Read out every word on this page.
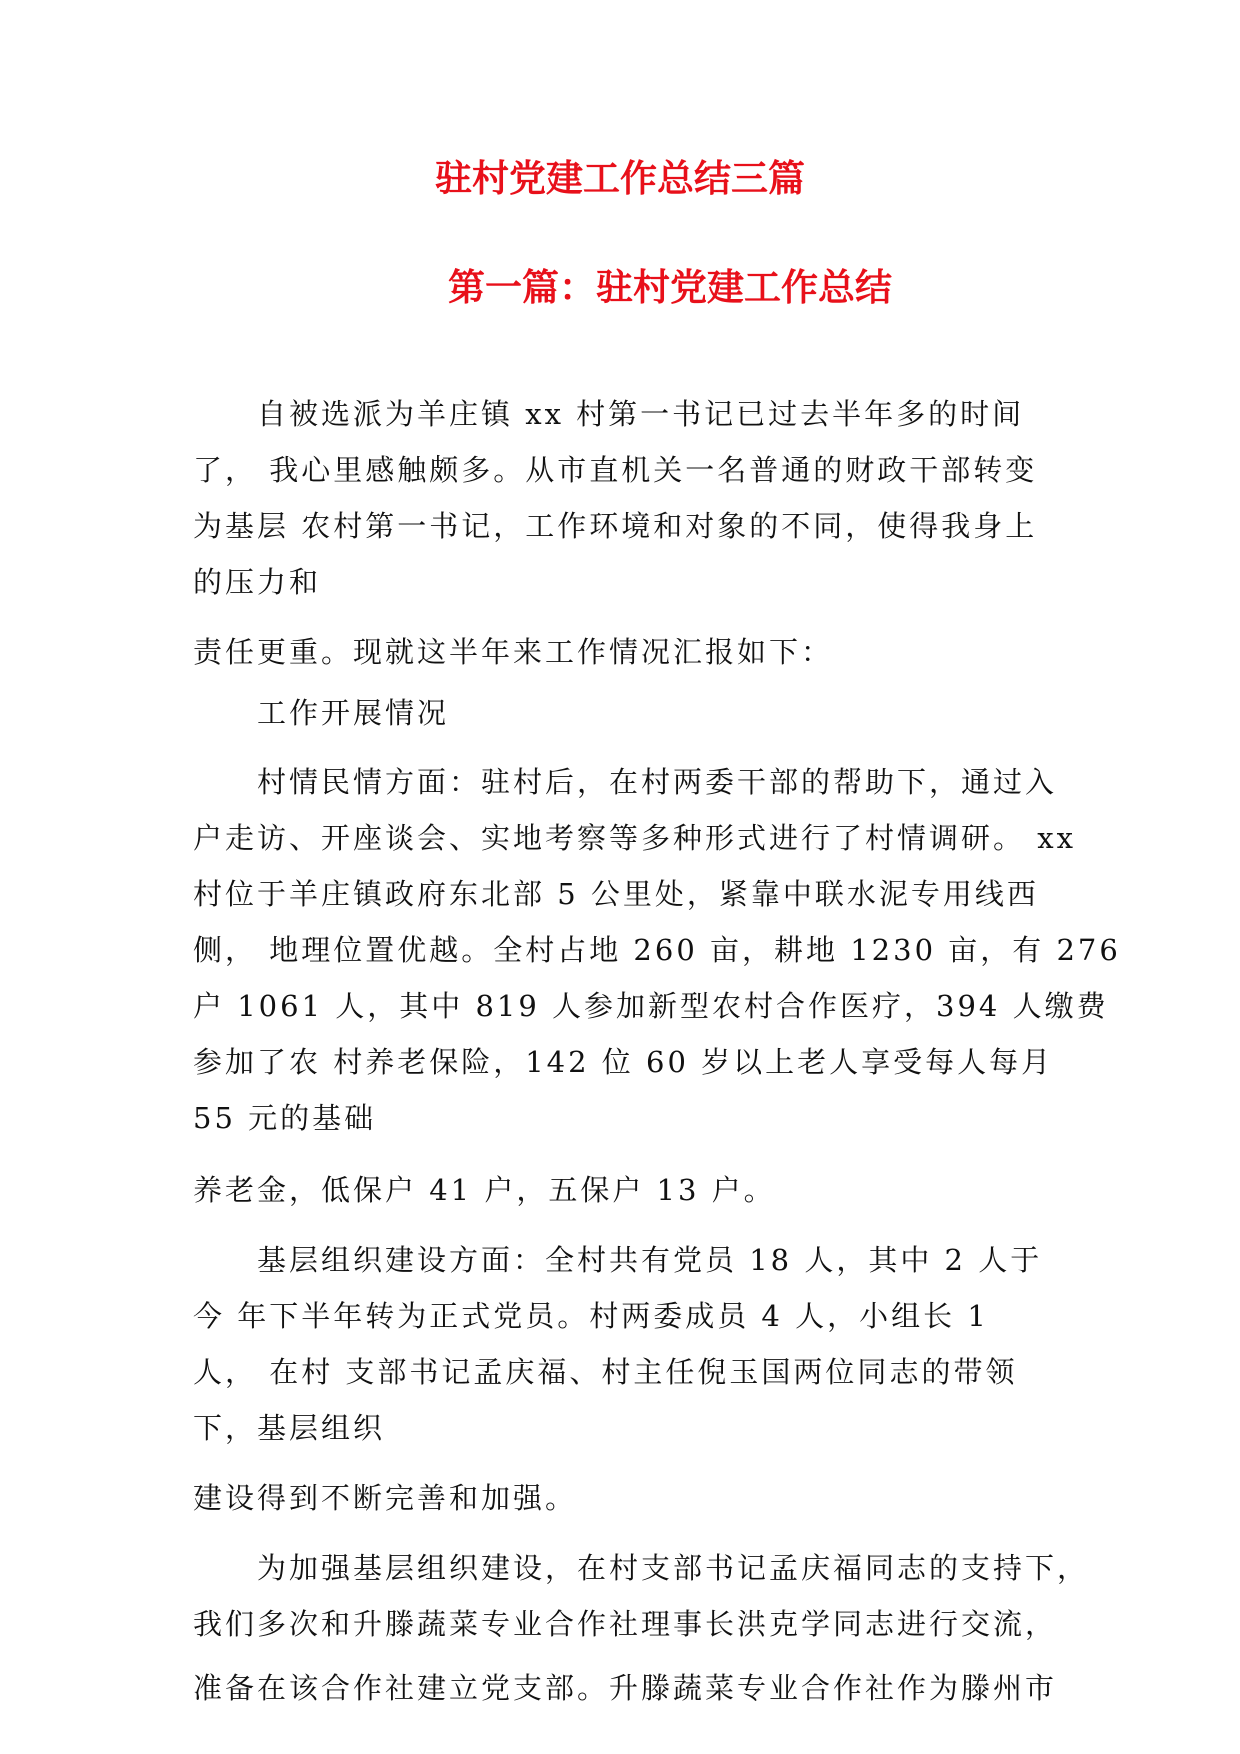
驻村党建工作总结三篇
第一篇：驻村党建工作总结

自被选派为羊庄镇 xx 村第一书记已过去半年多的时间

了， 我心里感触颇多。从市直机关一名普通的财政干部转变

为基层 农村第一书记，工作环境和对象的不同，使得我身上

的压力和

责任更重。现就这半年来工作情况汇报如下：

工作开展情况

村情民情方面：驻村后，在村两委干部的帮助下，通过入

户走访、开座谈会、实地考察等多种形式进行了村情调研。 xx

村位于羊庄镇政府东北部 5 公里处，紧靠中联水泥专用线西

侧， 地理位置优越。全村占地 260 亩，耕地 1230 亩，有 276

户 1061 人，其中 819 人参加新型农村合作医疗，394 人缴费

参加了农 村养老保险，142 位 60 岁以上老人享受每人每月

55 元的基础

养老金，低保户 41 户，五保户 13 户。

基层组织建设方面：全村共有党员 18 人，其中 2 人于

今 年下半年转为正式党员。村两委成员 4 人，小组长 1

人， 在村 支部书记孟庆福、村主任倪玉国两位同志的带领

下，基层组织

建设得到不断完善和加强。

为加强基层组织建设，在村支部书记孟庆福同志的支持下，

我们多次和升滕蔬菜专业合作社理事长洪克学同志进行交流，

准备在该合作社建立党支部。升滕蔬菜专业合作社作为滕州市
